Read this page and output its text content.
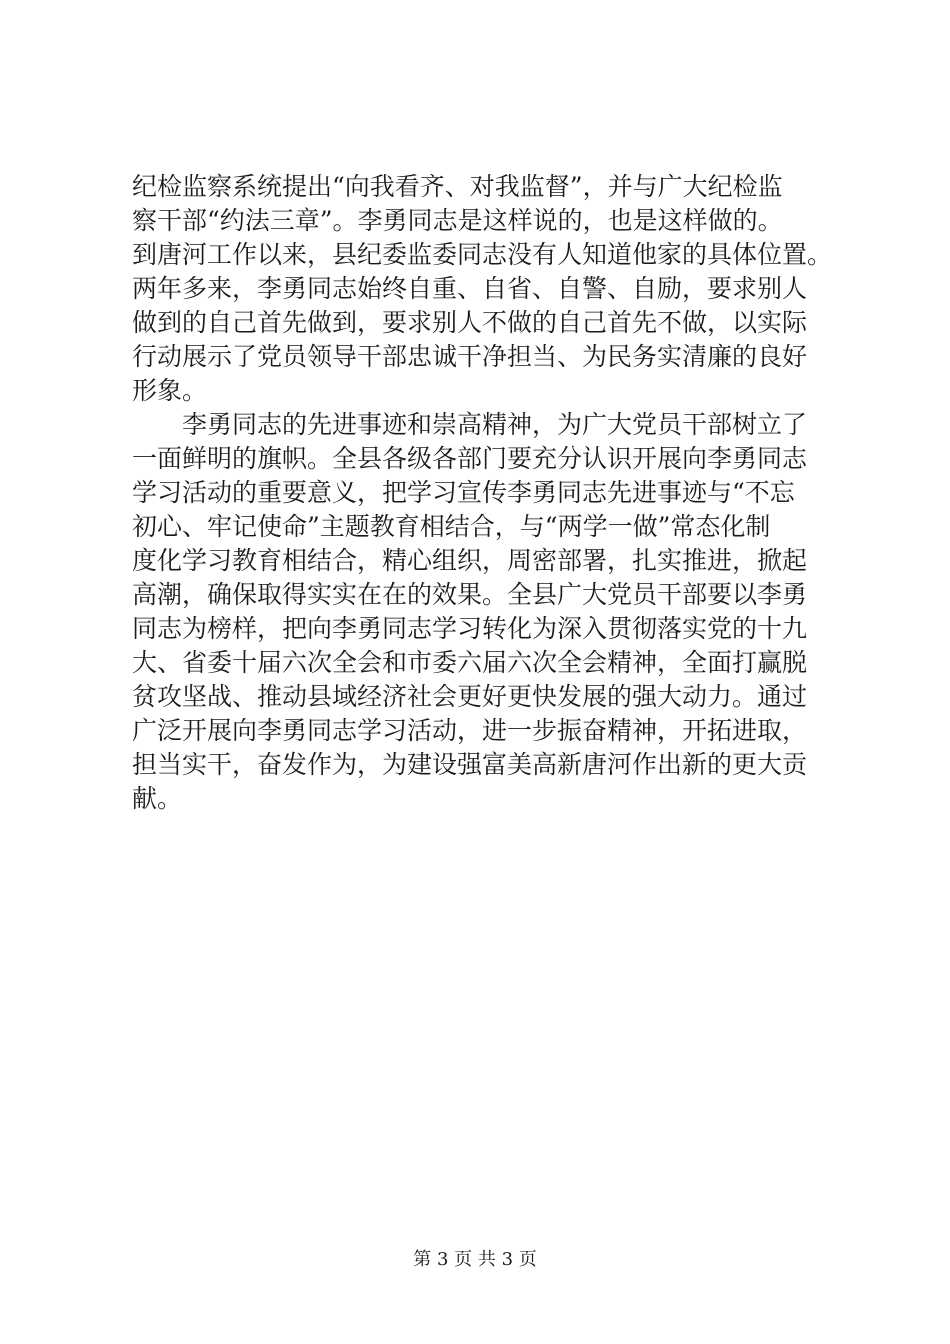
纪检监察系统提出“向我看齐、对我监督”，并与广大纪检监
察干部“约法三章”。李勇同志是这样说的，也是这样做的。
到唐河工作以来，县纪委监委同志没有人知道他家的具体位置。
两年多来，李勇同志始终自重、自省、自警、自励，要求别人
做到的自己首先做到，要求别人不做的自己首先不做，以实际
行动展示了党员领导干部忠诚干净担当、为民务实清廉的良好
形象。
　　李勇同志的先进事迹和崇高精神，为广大党员干部树立了
一面鲜明的旗帜。全县各级各部门要充分认识开展向李勇同志
学习活动的重要意义，把学习宣传李勇同志先进事迹与“不忘
初心、牢记使命”主题教育相结合，与“两学一做”常态化制
度化学习教育相结合，精心组织，周密部署，扎实推进，掀起
高潮，确保取得实实在在的效果。全县广大党员干部要以李勇
同志为榜样，把向李勇同志学习转化为深入贯彻落实党的十九
大、省委十届六次全会和市委六届六次全会精神，全面打赢脱
贫攻坚战、推动县域经济社会更好更快发展的强大动力。通过
广泛开展向李勇同志学习活动，进一步振奋精神，开拓进取，
担当实干，奋发作为，为建设强富美高新唐河作出新的更大贡
献。
第 3 页 共 3 页
